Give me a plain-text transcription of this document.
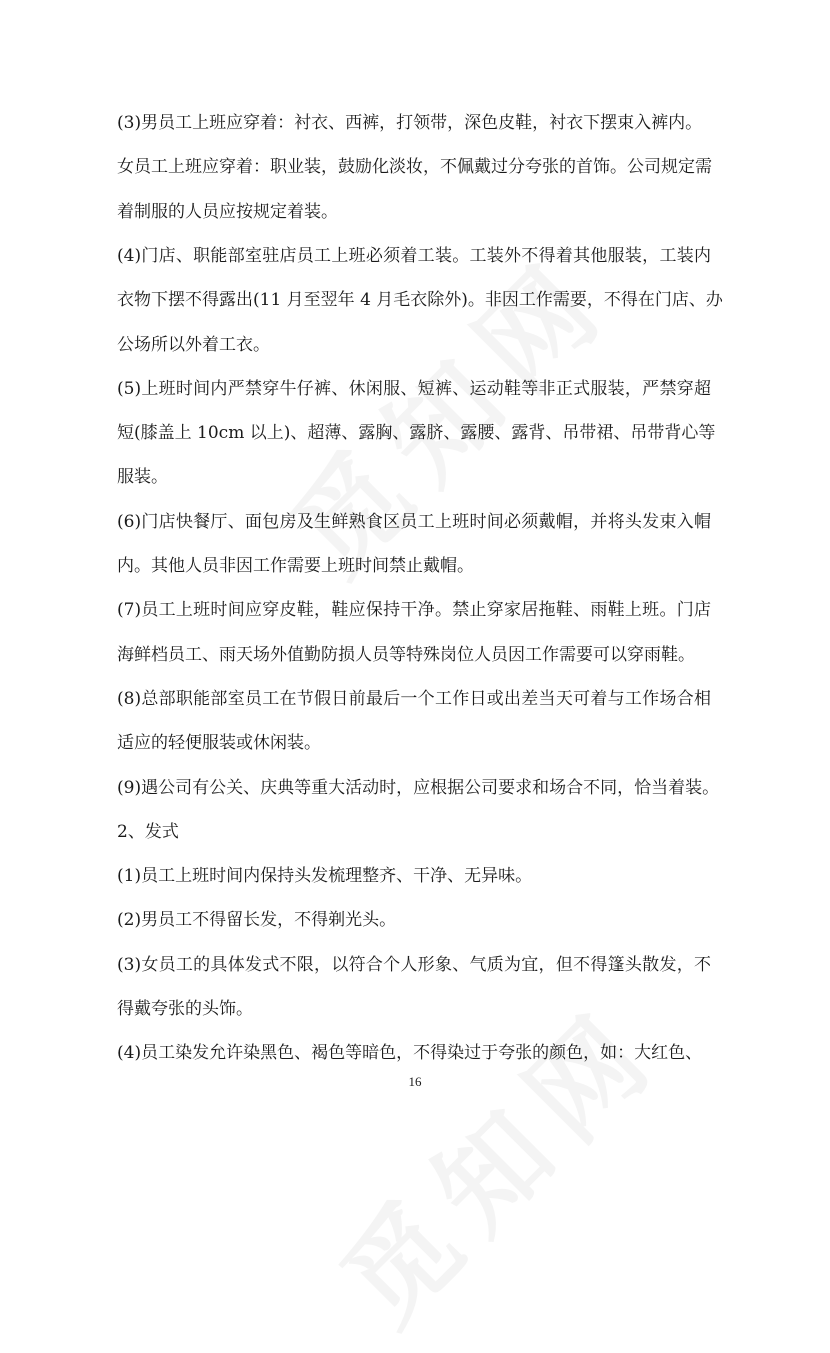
(3)男员工上班应穿着：衬衣、西裤，打领带，深色皮鞋，衬衣下摆束入裤内。
女员工上班应穿着：职业装，鼓励化淡妆，不佩戴过分夸张的首饰。公司规定需
着制服的人员应按规定着装。
(4)门店、职能部室驻店员工上班必须着工装。工装外不得着其他服装，工装内
衣物下摆不得露出(11 月至翌年 4 月毛衣除外)。非因工作需要，不得在门店、办
公场所以外着工衣。
(5)上班时间内严禁穿牛仔裤、休闲服、短裤、运动鞋等非正式服装，严禁穿超
短(膝盖上 10cm 以上)、超薄、露胸、露脐、露腰、露背、吊带裙、吊带背心等
服装。
(6)门店快餐厅、面包房及生鲜熟食区员工上班时间必须戴帽，并将头发束入帽
内。其他人员非因工作需要上班时间禁止戴帽。
(7)员工上班时间应穿皮鞋，鞋应保持干净。禁止穿家居拖鞋、雨鞋上班。门店
海鲜档员工、雨天场外值勤防损人员等特殊岗位人员因工作需要可以穿雨鞋。
(8)总部职能部室员工在节假日前最后一个工作日或出差当天可着与工作场合相
适应的轻便服装或休闲装。
(9)遇公司有公关、庆典等重大活动时，应根据公司要求和场合不同，恰当着装。
2、发式
(1)员工上班时间内保持头发梳理整齐、干净、无异味。
(2)男员工不得留长发，不得剃光头。
(3)女员工的具体发式不限，以符合个人形象、气质为宜，但不得篷头散发，不
得戴夸张的头饰。
(4)员工染发允许染黑色、褐色等暗色，不得染过于夸张的颜色，如：大红色、
16
